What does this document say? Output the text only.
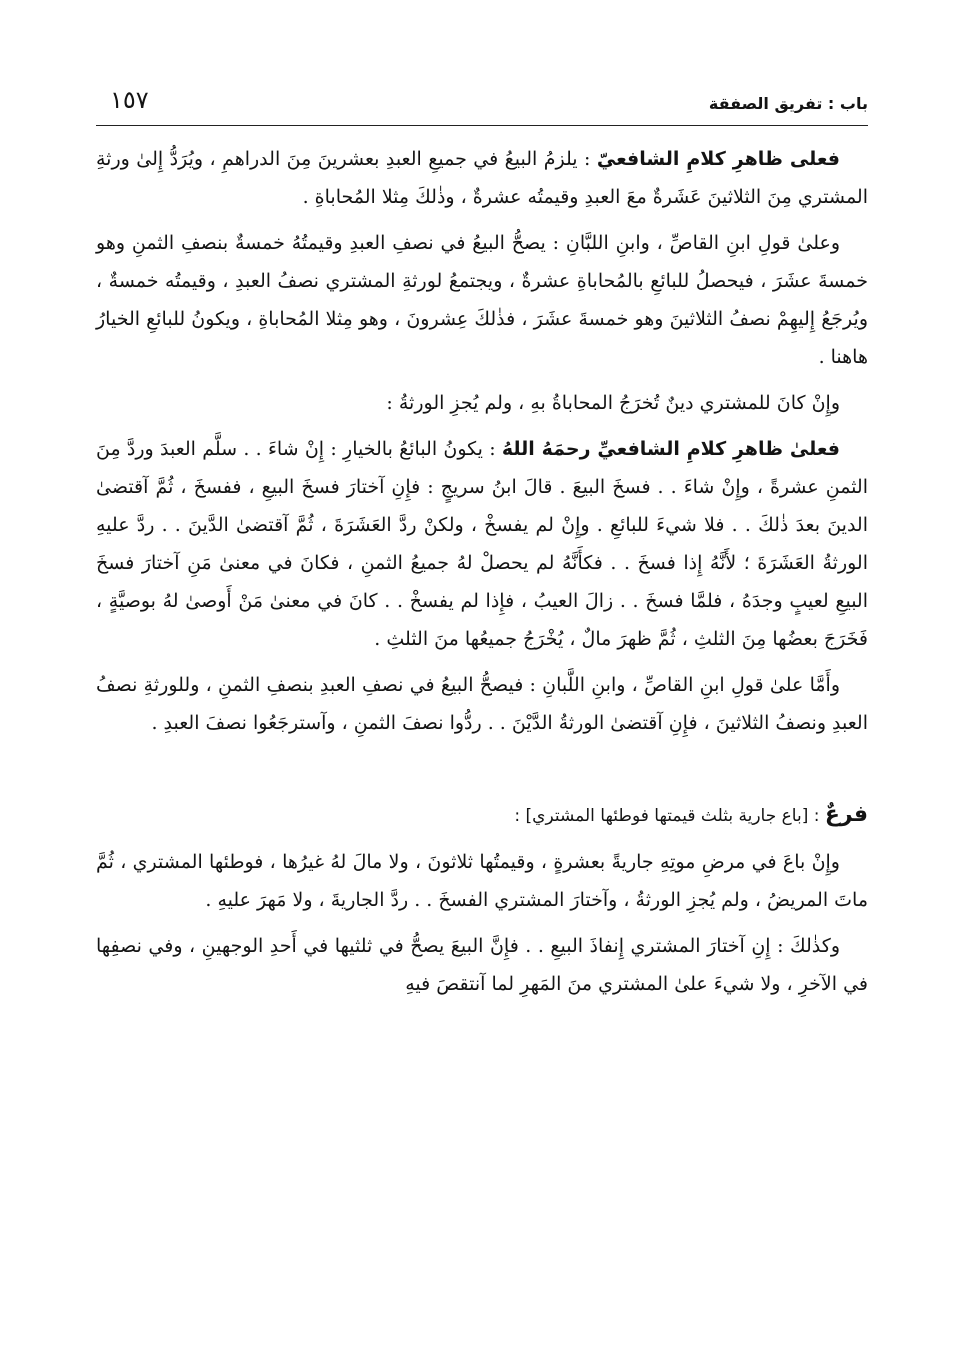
باب : تفريق الصفقة
١٥٧

فعلى ظاهرِ كلامِ الشافعيّ : يلزمُ البيعُ في جميعِ العبدِ بعشرينَ مِنَ الدراهمِ ، ويُرَدُّ إِلىٰ ورثةِ المشتري مِنَ الثلاثينَ عَشَرةٌ معَ العبدِ وقيمتُه عشرةٌ ، وذٰلكَ مِثلا المُحاباةِ .

وعلىٰ قولِ ابنِ القاصِّ ، وابنِ اللبَّانِ : يصحُّ البيعُ في نصفِ العبدِ وقيمتُهُ خمسةٌ بنصفِ الثمنِ وهو خمسةَ عشَرَ ، فيحصلُ للبائعِ بالمُحاباةِ عشرةٌ ، ويجتمعُ لورثةِ المشتري نصفُ العبدِ ، وقيمتُه خمسةٌ ، ويُرجَعُ إِليهِمْ نصفُ الثلاثينَ وهو خمسةَ عشَرَ ، فذٰلكَ عِشرونَ ، وهو مِثلا المُحاباةِ ، ويكونُ للبائعِ الخيارُ هاهنا .

وإِنْ كانَ للمشتري دينٌ تُخرَجُ المحاباةُ بهِ ، ولم يُجزِ الورثةُ :

فعلىٰ ظاهرِ كلامِ الشافعيِّ رحمَهُ اللهُ : يكونُ البائعُ بالخيارِ : إِنْ شاءَ . . سلَّم العبدَ وردَّ مِنَ الثمنِ عشرةً ، وإِنْ شاءَ . . فسخَ البيعَ . قالَ ابنُ سريجٍ : فإِنِ آختارَ فسخَ البيعِ ، ففسخَ ، ثُمَّ آقتضىٰ الدينَ بعدَ ذٰلكَ . . فلا شيءَ للبائعِ . وإِنْ لم يفسخْ ، ولكنْ ردَّ العَشَرَةَ ، ثُمَّ آقتضىٰ الدَّينَ . . ردَّ عليهِ الورثةُ العَشَرَةَ ؛ لأَنَّهُ إِذا فسخَ . . فكأَنَّهُ لم يحصلْ لهُ جميعُ الثمنِ ، فكانَ في معنىٰ مَنِ آختارَ فسخَ البيعِ لعيبٍ وجدَهُ ، فلمَّا فسخَ . . زالَ العيبُ ، فإِذا لم يفسخْ . . كانَ في معنىٰ مَنْ أَوصىٰ لهُ بوصيَّةٍ ، فَخَرَجَ بعضُها مِنَ الثلثِ ، ثُمَّ ظهرَ مالٌ ، يُخْرَجُ جميعُها منَ الثلثِ .

وأَمَّا علىٰ قولِ ابنِ القاصِّ ، وابنِ اللَّبانِ : فيصحُّ البيعُ في نصفِ العبدِ بنصفِ الثمنِ ، وللورثةِ نصفُ العبدِ ونصفُ الثلاثينَ ، فإِنِ آقتضىٰ الورثةُ الدَّيْنَ . . ردُّوا نصفَ الثمنِ ، وآسترجَعُوا نصفَ العبدِ .

فرعٌ : [باع جارية بثلث قيمتها فوطئها المشتري] :

وإِنْ باعَ في مرضِ موتِهِ جاريةً بعشرةٍ ، وقيمتُها ثلاثونَ ، ولا مالَ لهُ غيرُها ، فوطئها المشتري ، ثُمَّ ماتَ المريضُ ، ولم يُجزِ الورثةُ ، وآختارَ المشتري الفسخَ . . ردَّ الجاريةَ ، ولا مَهرَ عليهِ .

وكذٰلكَ : إِنِ آختارَ المشتري إِنفاذَ البيعِ . . فإِنَّ البيعَ يصحُّ في ثلثيها في أَحدِ الوجهينِ ، وفي نصفِها في الآخرِ ، ولا شيءَ علىٰ المشتري منَ المَهرِ لما آنتقصَ فيهِ
